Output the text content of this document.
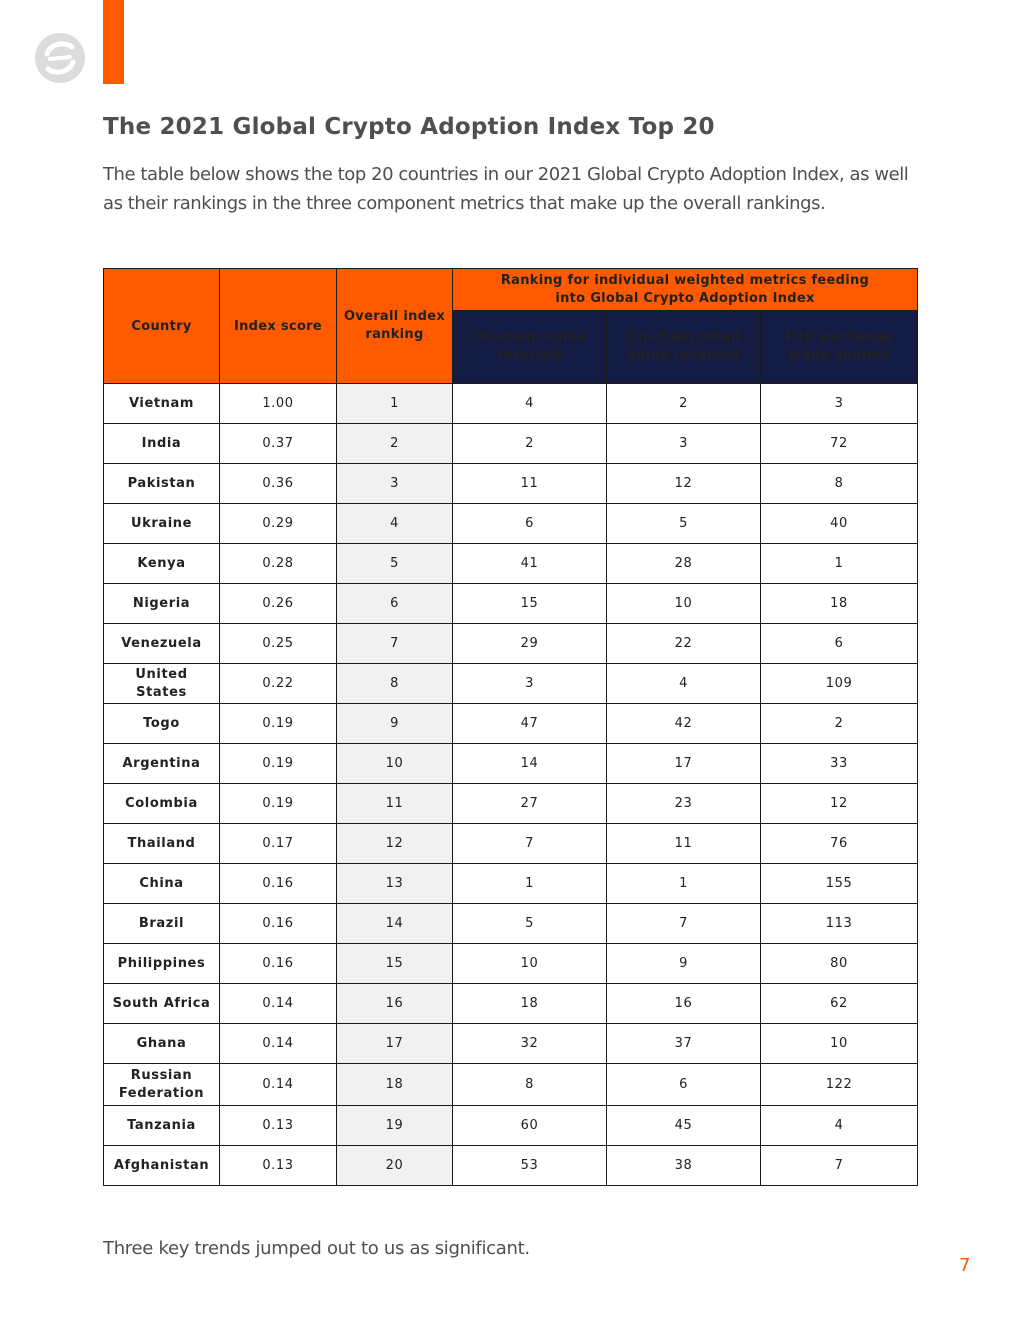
The 2021 Global Crypto Adoption Index Top 20

The table below shows the top 20 countries in our 2021 Global Crypto Adoption Index, as well as their rankings in the three component metrics that make up the overall rankings.

Country	Index score	Overall index ranking	Ranking for individual weighted metrics feeding into Global Crypto Adoption Index		

			On-chain value received	On-chain retail value received	P2P exchange trade volume

Vietnam	1.00	1	4	2	3
India	0.37	2	2	3	72
Pakistan	0.36	3	11	12	8
Ukraine	0.29	4	6	5	40
Kenya	0.28	5	41	28	1
Nigeria	0.26	6	15	10	18
Venezuela	0.25	7	29	22	6
United States	0.22	8	3	4	109
Togo	0.19	9	47	42	2
Argentina	0.19	10	14	17	33
Colombia	0.19	11	27	23	12
Thailand	0.17	12	7	11	76
China	0.16	13	1	1	155
Brazil	0.16	14	5	7	113
Philippines	0.16	15	10	9	80
South Africa	0.14	16	18	16	62
Ghana	0.14	17	32	37	10

Russian Federation	0.14	18	8	6	122
Tanzania	0.13	19	60	45	4
Afghanistan	0.13	20	53	38	7

Three key trends jumped out to us as significant.

7
